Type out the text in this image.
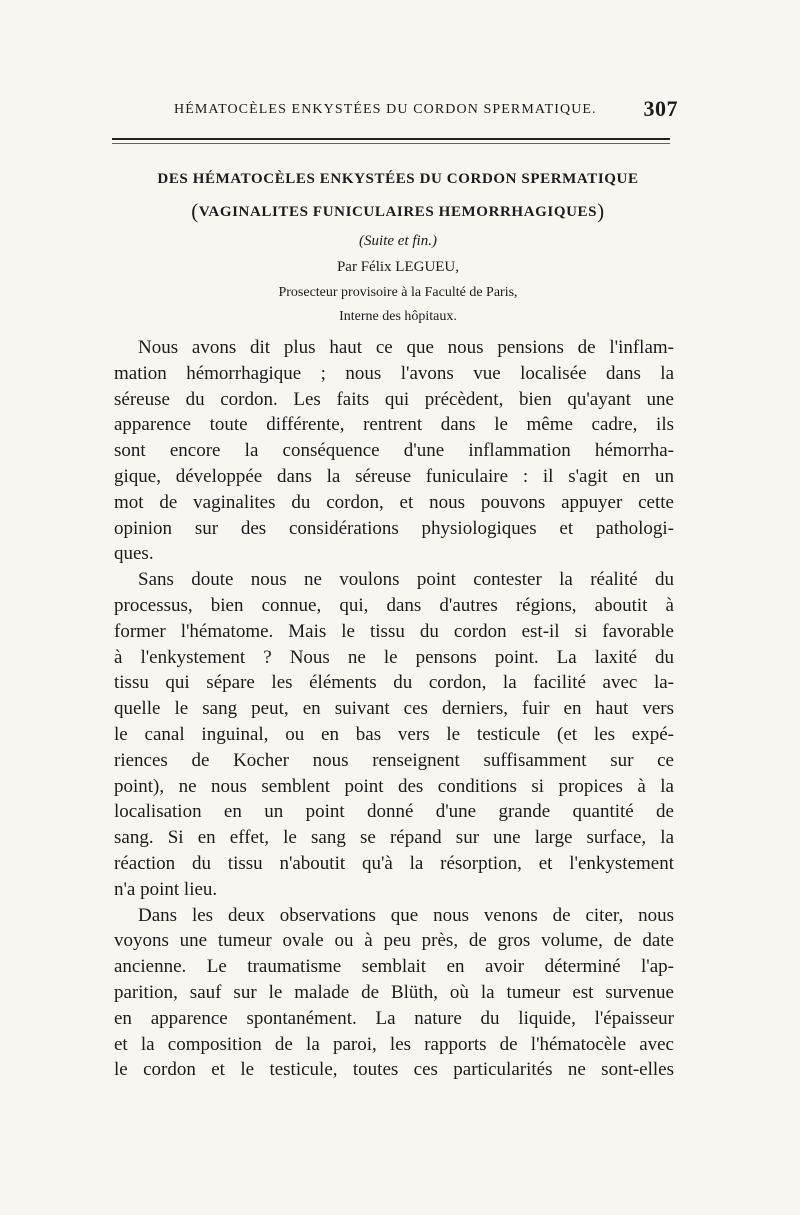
HÉMATOCÈLES ENKYSTÉES DU CORDON SPERMATIQUE. 307
DES HÉMATOCÈLES ENKYSTÉES DU CORDON SPERMATIQUE
(VAGINALITES FUNICULAIRES HEMORRHAGIQUES)
(Suite et fin.)
Par Félix LEGUEU,
Prosecteur provisoire à la Faculté de Paris,
Interne des hôpitaux.
Nous avons dit plus haut ce que nous pensions de l'inflam-
mation hémorrhagique ; nous l'avons vue localisée dans la
séreuse du cordon. Les faits qui précèdent, bien qu'ayant une
apparence toute différente, rentrent dans le même cadre, ils
sont encore la conséquence d'une inflammation hémorrha-
gique, développée dans la séreuse funiculaire : il s'agit en un
mot de vaginalites du cordon, et nous pouvons appuyer cette
opinion sur des considérations physiologiques et pathologi-
ques.
Sans doute nous ne voulons point contester la réalité du
processus, bien connue, qui, dans d'autres régions, aboutit à
former l'hématome. Mais le tissu du cordon est-il si favorable
à l'enkystement ? Nous ne le pensons point. La laxité du
tissu qui sépare les éléments du cordon, la facilité avec la-
quelle le sang peut, en suivant ces derniers, fuir en haut vers
le canal inguinal, ou en bas vers le testicule (et les expé-
riences de Kocher nous renseignent suffisamment sur ce
point), ne nous semblent point des conditions si propices à la
localisation en un point donné d'une grande quantité de
sang. Si en effet, le sang se répand sur une large surface, la
réaction du tissu n'aboutit qu'à la résorption, et l'enkystement
n'a point lieu.
Dans les deux observations que nous venons de citer, nous
voyons une tumeur ovale ou à peu près, de gros volume, de date
ancienne. Le traumatisme semblait en avoir déterminé l'ap-
parition, sauf sur le malade de Blüth, où la tumeur est survenue
en apparence spontanément. La nature du liquide, l'épaisseur
et la composition de la paroi, les rapports de l'hématocèle avec
le cordon et le testicule, toutes ces particularités ne sont-elles
